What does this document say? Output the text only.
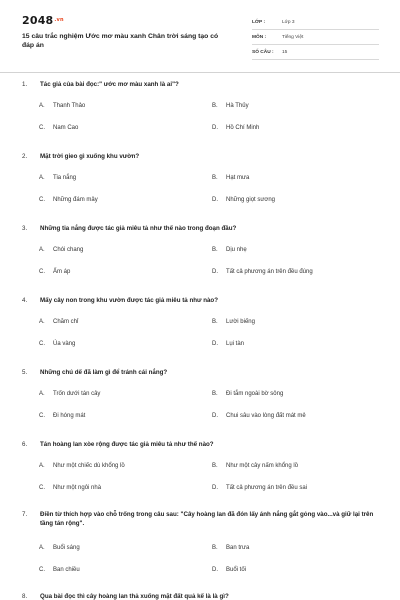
$2048^{.vn}$
15 câu trắc nghiệm Ước mơ màu xanh Chân trời sáng tạo có đáp án
LỚP :	Lớp 3
MÔN :	Tiếng Việt
SỐ CÂU :	15
1.	Tác giả của bài đọc:" ước mơ màu xanh là ai"?
A.	Thanh Thảo	B.	Hà Thủy
C.	Nam Cao	D.	Hồ Chí Minh
2.	Mặt trời gieo gì xuống khu vườn?
A.	Tia nắng	B.	Hạt mưa
C.	Những đám mây	D.	Những giọt sương
3.	Những tia nắng được tác giả miêu tả như thế nào trong đoạn đầu?
A.	Chói chang	B.	Dịu nhẹ
C.	Ấm áp	D.	Tất cả phương án trên đều đúng
4.	Mấy cây non trong khu vườn được tác giả miêu tả như nào?
A.	Chăm chỉ	B.	Lười biếng
C.	Úa vàng	D.	Lụi tàn
5.	Những chú dế đã làm gì để tránh cái nắng?
A.	Trốn dưới tán cây	B.	Đi tắm ngoài bờ sông
C.	Đi hóng mát	D.	Chui sâu vào lòng đất mát mẻ
6.	Tán hoàng lan xòe rộng được tác giả miêu tả như thế nào?
A.	Như một chiếc dù khổng lồ	B.	Như một cây nấm khổng lồ
C.	Như một ngôi nhà	D.	Tất cả phương án trên đều sai
7.	Điền từ thích hợp vào chỗ trống trong câu sau: "Cây hoàng lan đã đón lấy ánh nắng gắt gỏng vào...và giữ lại trên tầng tán rộng".
A.	Buổi sáng	B.	Ban trưa
C.	Ban chiều	D.	Buổi tối
8.	Qua bài đọc thì cây hoàng lan thả xuống mặt đất quả kế là là gì?
